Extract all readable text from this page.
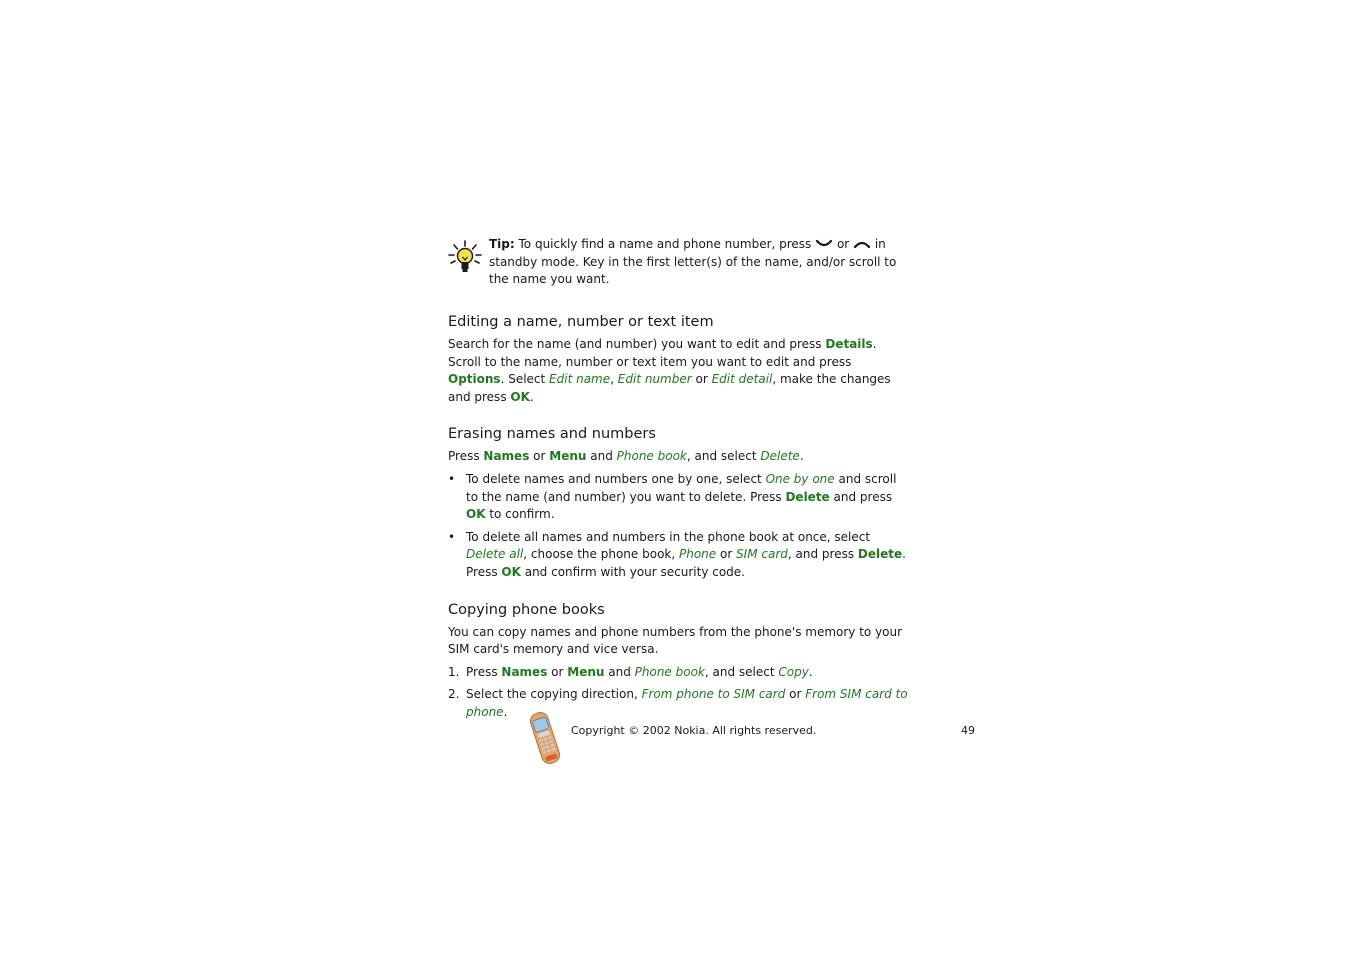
Tip: To quickly find a name and phone number, press  or  in standby mode. Key in the first letter(s) of the name, and/or scroll to the name you want.
Editing a name, number or text item

Search for the name (and number) you want to edit and press Details. Scroll to the name, number or text item you want to edit and press Options. Select Edit name, Edit number or Edit detail, make the changes and press OK.

Erasing names and numbers

Press Names or Menu and Phone book, and select Delete.

• To delete names and numbers one by one, select One by one and scroll to the name (and number) you want to delete. Press Delete and press OK to confirm.
• To delete all names and numbers in the phone book at once, select Delete all, choose the phone book, Phone or SIM card, and press Delete. Press OK and confirm with your security code.
Copying phone books

You can copy names and phone numbers from the phone's memory to your SIM card's memory and vice versa.

1. Press Names or Menu and Phone book, and select Copy.
2. Select the copying direction, From phone to SIM card or From SIM card to phone.
Copyright © 2002 Nokia. All rights reserved.	49
